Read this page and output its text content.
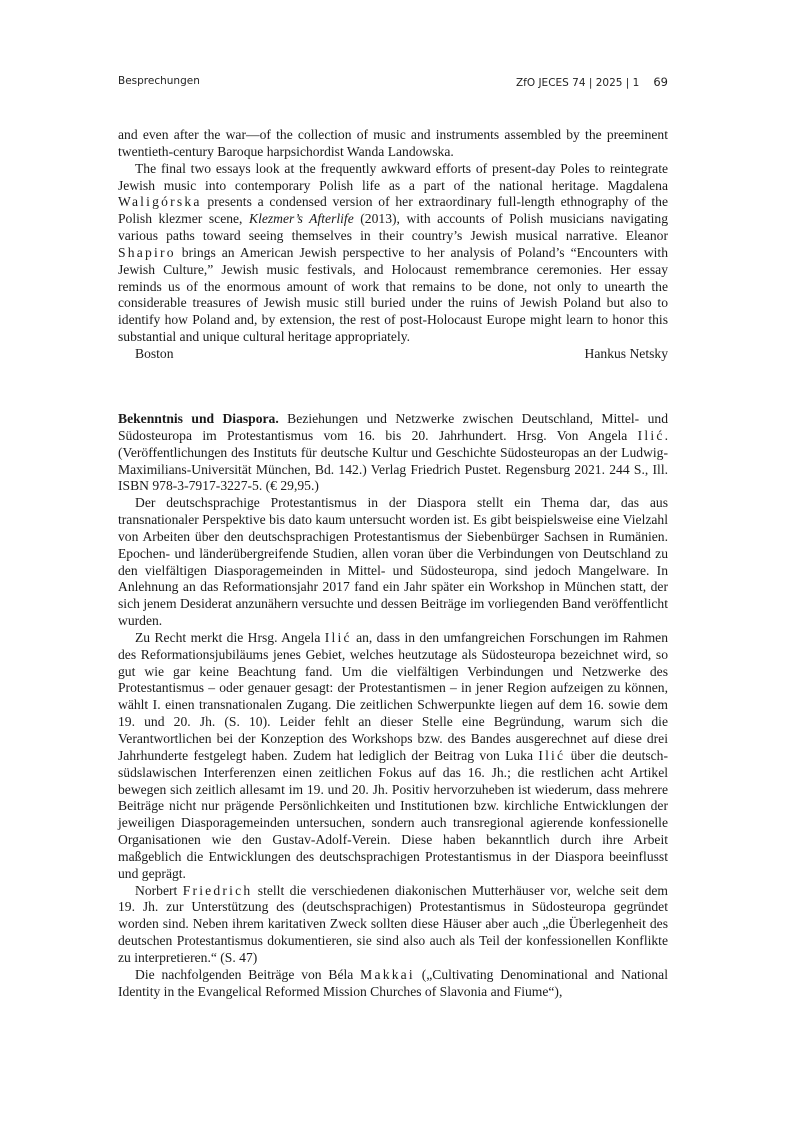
Besprechungen	ZfO JECES 74 | 2025 | 1 69

and even after the war—of the collection of music and instruments assembled by the preeminent twentieth-century Baroque harpsichordist Wanda Landowska.

The final two essays look at the frequently awkward efforts of present-day Poles to reintegrate Jewish music into contemporary Polish life as a part of the national heritage. Magdalena Waligórska presents a condensed version of her extraordinary full-length ethnography of the Polish klezmer scene, Klezmer’s Afterlife (2013), with accounts of Polish musicians navigating various paths toward seeing themselves in their country’s Jewish musical narrative. Eleanor Shapiro brings an American Jewish perspective to her analysis of Poland’s “Encounters with Jewish Culture,” Jewish music festivals, and Holocaust remembrance ceremonies. Her essay reminds us of the enormous amount of work that remains to be done, not only to unearth the considerable treasures of Jewish music still buried under the ruins of Jewish Poland but also to identify how Poland and, by extension, the rest of post-Holocaust Europe might learn to honor this substantial and unique cultural heritage appropriately.

Boston	Hankus Netsky

Bekenntnis und Diaspora. Beziehungen und Netzwerke zwischen Deutschland, Mittel- und Südosteuropa im Protestantismus vom 16. bis 20. Jahrhundert. Hrsg. Von Angela Ilić. (Veröffentlichungen des Instituts für deutsche Kultur und Geschichte Südosteuropas an der Ludwig-Maximilians-Universität München, Bd. 142.) Verlag Friedrich Pustet. Regensburg 2021. 244 S., Ill. ISBN 978-3-7917-3227-5. (€ 29,95.)

Der deutschsprachige Protestantismus in der Diaspora stellt ein Thema dar, das aus transnationaler Perspektive bis dato kaum untersucht worden ist. Es gibt beispielsweise eine Vielzahl von Arbeiten über den deutschsprachigen Protestantismus der Siebenbürger Sachsen in Rumänien. Epochen- und länderübergreifende Studien, allen voran über die Verbindungen von Deutschland zu den vielfältigen Diasporagemeinden in Mittel- und Südosteuropa, sind jedoch Mangelware. In Anlehnung an das Reformationsjahr 2017 fand ein Jahr später ein Workshop in München statt, der sich jenem Desiderat anzunähern versuchte und dessen Beiträge im vorliegenden Band veröffentlicht wurden.

Zu Recht merkt die Hrsg. Angela Ilić an, dass in den umfangreichen Forschungen im Rahmen des Reformationsjubiläums jenes Gebiet, welches heutzutage als Südosteuropa bezeichnet wird, so gut wie gar keine Beachtung fand. Um die vielfältigen Verbindungen und Netzwerke des Protestantismus – oder genauer gesagt: der Protestantismen – in jener Region aufzeigen zu können, wählt I. einen transnationalen Zugang. Die zeitlichen Schwerpunkte liegen auf dem 16. sowie dem 19. und 20. Jh. (S. 10). Leider fehlt an dieser Stelle eine Begründung, warum sich die Verantwortlichen bei der Konzeption des Workshops bzw. des Bandes ausgerechnet auf diese drei Jahrhunderte festgelegt haben. Zudem hat lediglich der Beitrag von Luka Ilić über die deutsch-südslawischen Interferenzen einen zeitlichen Fokus auf das 16. Jh.; die restlichen acht Artikel bewegen sich zeitlich allesamt im 19. und 20. Jh. Positiv hervorzuheben ist wiederum, dass mehrere Beiträge nicht nur prägende Persönlichkeiten und Institutionen bzw. kirchliche Entwicklungen der jeweiligen Diasporagemeinden untersuchen, sondern auch transregional agierende konfessionelle Organisationen wie den Gustav-Adolf-Verein. Diese haben bekanntlich durch ihre Arbeit maßgeblich die Entwicklungen des deutschsprachigen Protestantismus in der Diaspora beeinflusst und geprägt.

Norbert Friedrich stellt die verschiedenen diakonischen Mutterhäuser vor, welche seit dem 19. Jh. zur Unterstützung des (deutschsprachigen) Protestantismus in Südosteuropa gegründet worden sind. Neben ihrem karitativen Zweck sollten diese Häuser aber auch „die Überlegenheit des deutschen Protestantismus dokumentieren, sie sind also auch als Teil der konfessionellen Konflikte zu interpretieren.“ (S. 47)

Die nachfolgenden Beiträge von Béla Makkai („Cultivating Denominational and National Identity in the Evangelical Reformed Mission Churches of Slavonia and Fiume“),
